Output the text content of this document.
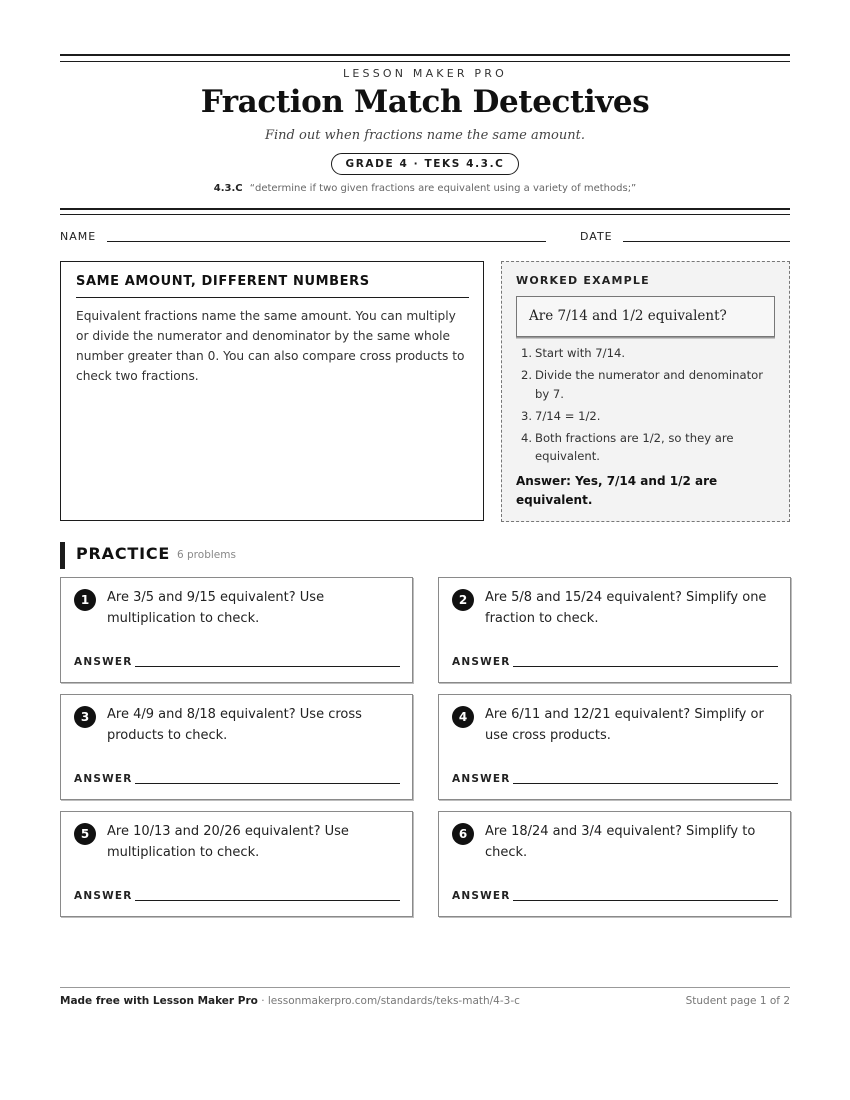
LESSON MAKER PRO
Fraction Match Detectives
Find out when fractions name the same amount.
GRADE 4 · TEKS 4.3.C
4.3.C “determine if two given fractions are equivalent using a variety of methods;”
NAME	DATE
SAME AMOUNT, DIFFERENT NUMBERS
Equivalent fractions name the same amount. You can multiply or divide the numerator and denominator by the same whole number greater than 0. You can also compare cross products to check two fractions.
WORKED EXAMPLE
Are 7/14 and 1/2 equivalent?
1. Start with 7/14.
2. Divide the numerator and denominator by 7.
3. 7/14 = 1/2.
4. Both fractions are 1/2, so they are equivalent.
Answer: Yes, 7/14 and 1/2 are equivalent.
PRACTICE 6 problems
1	Are 3/5 and 9/15 equivalent? Use multiplication to check.
ANSWER
2	Are 5/8 and 15/24 equivalent? Simplify one fraction to check.
ANSWER
3	Are 4/9 and 8/18 equivalent? Use cross products to check.
ANSWER
4	Are 6/11 and 12/21 equivalent? Simplify or use cross products.
ANSWER
5	Are 10/13 and 20/26 equivalent? Use multiplication to check.
ANSWER
6	Are 18/24 and 3/4 equivalent? Simplify to check.
ANSWER
Made free with Lesson Maker Pro · lessonmakerpro.com/standards/teks-math/4-3-c	Student page 1 of 2
